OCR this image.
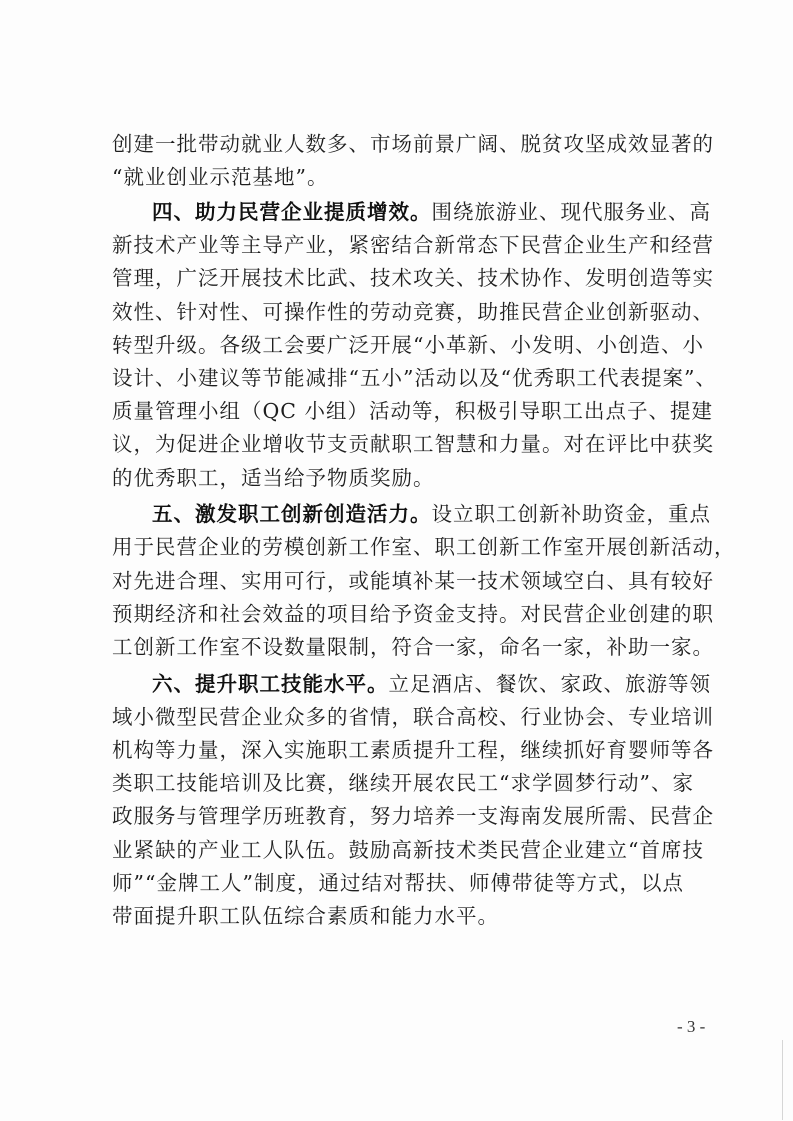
创建一批带动就业人数多、市场前景广阔、脱贫攻坚成效显著的
“就业创业示范基地”。
四、助力民营企业提质增效。围绕旅游业、现代服务业、高
新技术产业等主导产业，紧密结合新常态下民营企业生产和经营
管理，广泛开展技术比武、技术攻关、技术协作、发明创造等实
效性、针对性、可操作性的劳动竞赛，助推民营企业创新驱动、
转型升级。各级工会要广泛开展“小革新、小发明、小创造、小
设计、小建议等节能减排“五小”活动以及“优秀职工代表提案”、
质量管理小组（QC 小组）活动等，积极引导职工出点子、提建
议，为促进企业增收节支贡献职工智慧和力量。对在评比中获奖
的优秀职工，适当给予物质奖励。
五、激发职工创新创造活力。设立职工创新补助资金，重点
用于民营企业的劳模创新工作室、职工创新工作室开展创新活动，
对先进合理、实用可行，或能填补某一技术领域空白、具有较好
预期经济和社会效益的项目给予资金支持。对民营企业创建的职
工创新工作室不设数量限制，符合一家，命名一家，补助一家。
六、提升职工技能水平。立足酒店、餐饮、家政、旅游等领
域小微型民营企业众多的省情，联合高校、行业协会、专业培训
机构等力量，深入实施职工素质提升工程，继续抓好育婴师等各
类职工技能培训及比赛，继续开展农民工“求学圆梦行动”、家
政服务与管理学历班教育，努力培养一支海南发展所需、民营企
业紧缺的产业工人队伍。鼓励高新技术类民营企业建立“首席技
师”“金牌工人”制度，通过结对帮扶、师傅带徒等方式，以点
带面提升职工队伍综合素质和能力水平。
- 3 -
